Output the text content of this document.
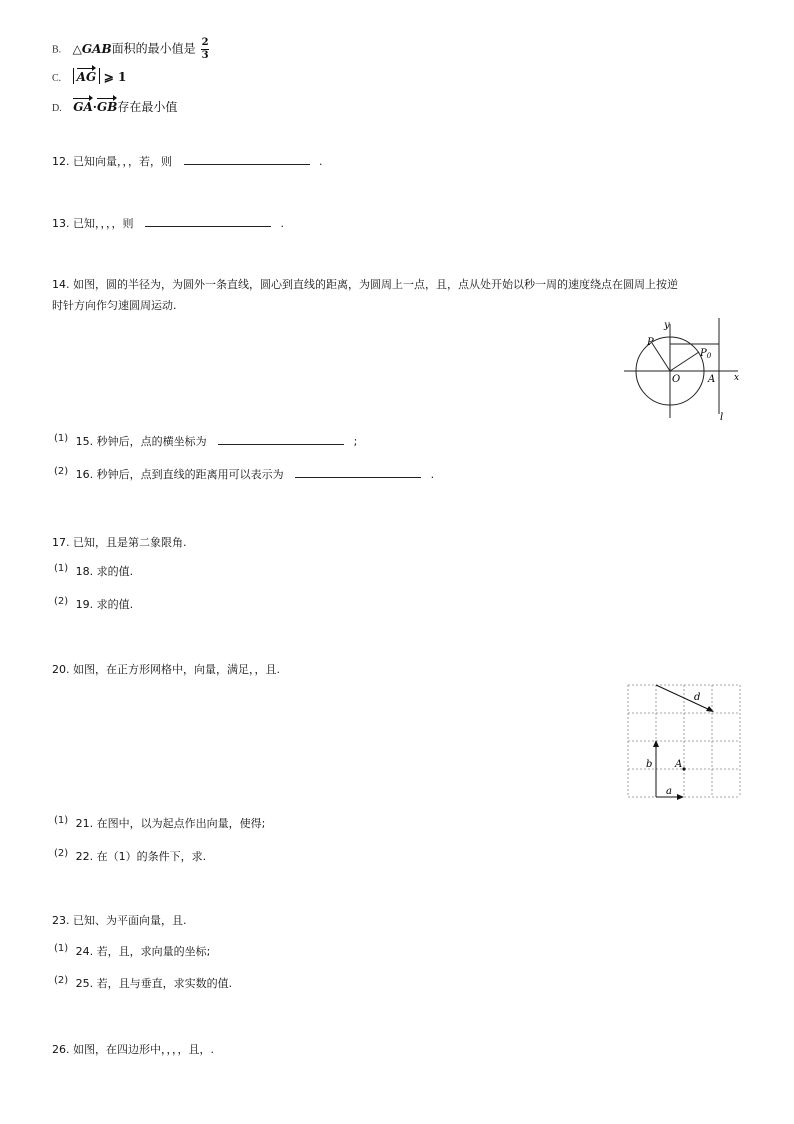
B. △GAB面积的最小值是 $\frac{2}{3}$
C. AG ⩾ 1
D. GA·GB存在最小值
12. 已知向量，，，若，则	.
13. 已知，，，，则	.
14. 如图，圆的半径为，为圆外一条直线，圆心到直线的距离，为圆周上一点，且，点从处开始以秒一周的速度绕点在圆周上按逆
时针方向作匀速圆周运动.
y
x
P
$P_0$
O	A
l
(1) 15. 秒钟后，点的横坐标为	;
(2) 16. 秒钟后，点到直线的距离用可以表示为	.
17. 已知，且是第二象限角.
(1) 18. 求的值.
(2) 19. 求的值.
20. 如图，在正方形网格中，向量，满足，，且.
d
b
a
A
(1) 21. 在图中，以为起点作出向量，使得;
(2) 22. 在（1）的条件下，求.
23. 已知、为平面向量，且.
(1) 24. 若，且，求向量的坐标;
(2) 25. 若，且与垂直，求实数的值.
26. 如图，在四边形中，，，，且，.
